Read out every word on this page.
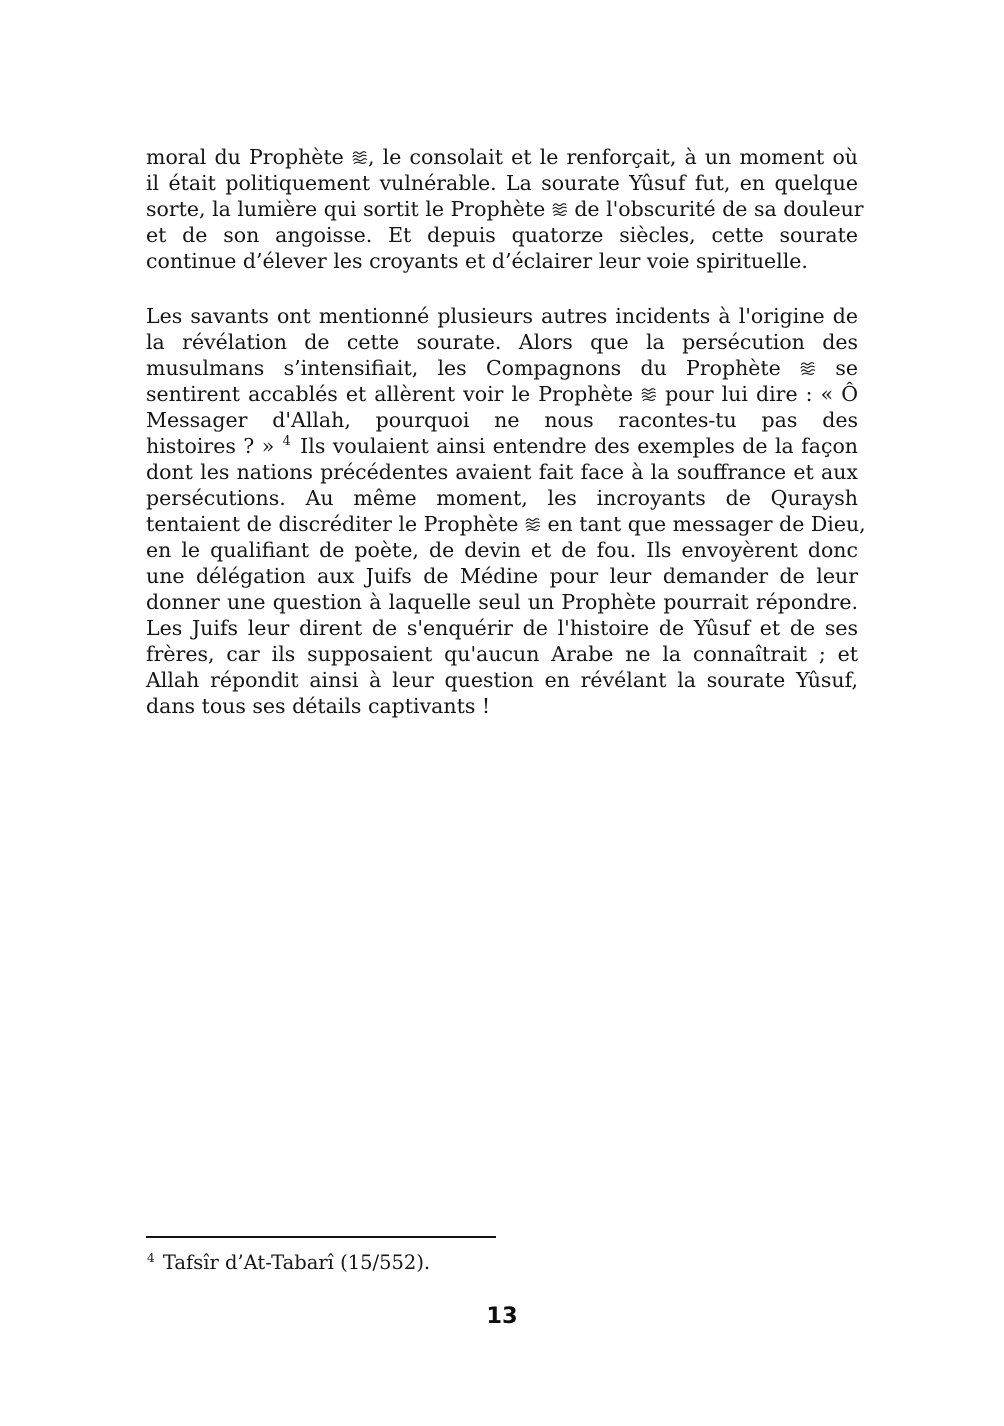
moral du Prophète , le consolait et le renforçait, à un moment où
il était politiquement vulnérable. La sourate Yûsuf fut, en quelque
sorte, la lumière qui sortit le Prophète  de l'obscurité de sa douleur
et de son angoisse. Et depuis quatorze siècles, cette sourate
continue d’élever les croyants et d’éclairer leur voie spirituelle.
Les savants ont mentionné plusieurs autres incidents à l'origine de
la révélation de cette sourate. Alors que la persécution des
musulmans s’intensifiait, les Compagnons du Prophète  se
sentirent accablés et allèrent voir le Prophète  pour lui dire : « Ô
Messager d'Allah, pourquoi ne nous racontes-tu pas des
histoires ? » $^4$ Ils voulaient ainsi entendre des exemples de la façon
dont les nations précédentes avaient fait face à la souffrance et aux
persécutions. Au même moment, les incroyants de Quraysh
tentaient de discréditer le Prophète  en tant que messager de Dieu,
en le qualifiant de poète, de devin et de fou. Ils envoyèrent donc
une délégation aux Juifs de Médine pour leur demander de leur
donner une question à laquelle seul un Prophète pourrait répondre.
Les Juifs leur dirent de s'enquérir de l'histoire de Yûsuf et de ses
frères, car ils supposaient qu'aucun Arabe ne la connaîtrait ; et
Allah répondit ainsi à leur question en révélant la sourate Yûsuf,
dans tous ses détails captivants !
$^4$ Tafsîr d’At-Tabarî (15/552).
13
